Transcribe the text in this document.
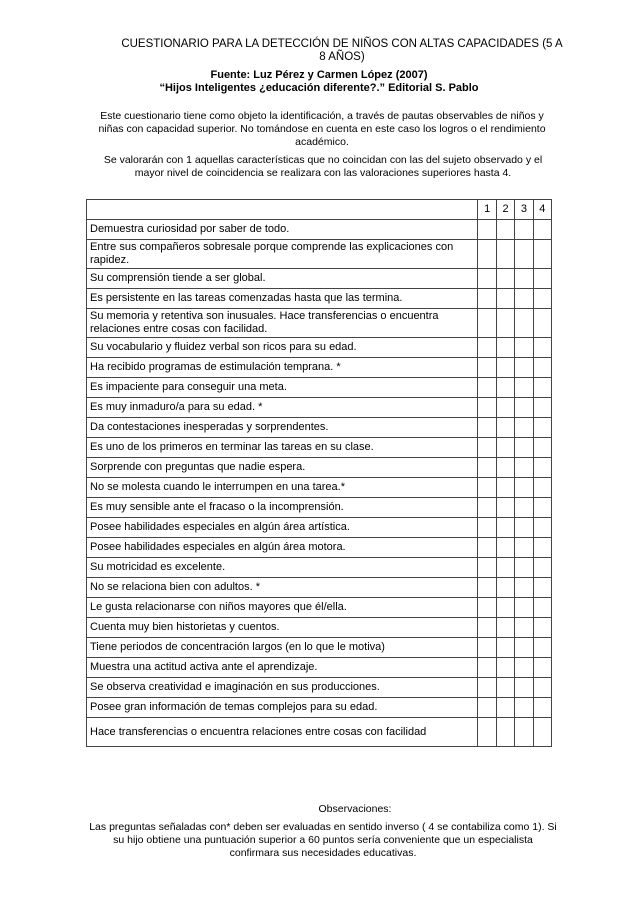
CUESTIONARIO PARA LA DETECCIÓN DE NIÑOS CON ALTAS CAPACIDADES (5 A 8 AÑOS)
Fuente: Luz Pérez y Carmen López (2007)
“Hijos Inteligentes ¿educación diferente?.” Editorial S. Pablo
Este cuestionario tiene como objeto la identificación, a través de pautas observables de niños y niñas con capacidad superior. No tomándose en cuenta en este caso los logros o el rendimiento académico.
Se valorarán con 1 aquellas características que no coincidan con las del sujeto observado y el mayor nivel de coincidencia se realizara con las valoraciones superiores hasta 4.
	1	2	3	4
Demuestra curiosidad por saber de todo.				
Entre sus compañeros sobresale porque comprende las explicaciones con rapidez.				
Su comprensión tiende a ser global.				
Es persistente en las tareas comenzadas hasta que las termina.				
Su memoria y retentiva son inusuales. Hace transferencias o encuentra relaciones entre cosas con facilidad.				
Su vocabulario y fluidez verbal son ricos para su edad.				
Ha recibido programas de estimulación temprana. *				
Es impaciente para conseguir una meta.				
Es muy inmaduro/a para su edad. *				
Da contestaciones inesperadas y sorprendentes.				
Es uno de los primeros en terminar las tareas en su clase.				
Sorprende con preguntas que nadie espera.				
No se molesta cuando le interrumpen en una tarea.*				
Es muy sensible ante el fracaso o la incomprensión.				
Posee habilidades especiales en algún área artística.				
Posee habilidades especiales en algún área motora.				
Su motricidad es excelente.				
No se relaciona bien con adultos. *				
Le gusta relacionarse con niños mayores que él/ella.				
Cuenta muy bien historietas y cuentos.				
Tiene periodos de concentración largos (en lo que le motiva)				
Muestra una actitud activa ante el aprendizaje.				
Se observa creatividad e imaginación en sus producciones.				
Posee gran información de temas complejos para su edad.				
Hace transferencias o encuentra relaciones entre cosas con facilidad				
Observaciones:
Las preguntas señaladas con* deben ser evaluadas en sentido inverso ( 4 se contabiliza como 1). Si su hijo obtiene una puntuación superior a 60 puntos sería conveniente que un especialista confirmara sus necesidades educativas.
